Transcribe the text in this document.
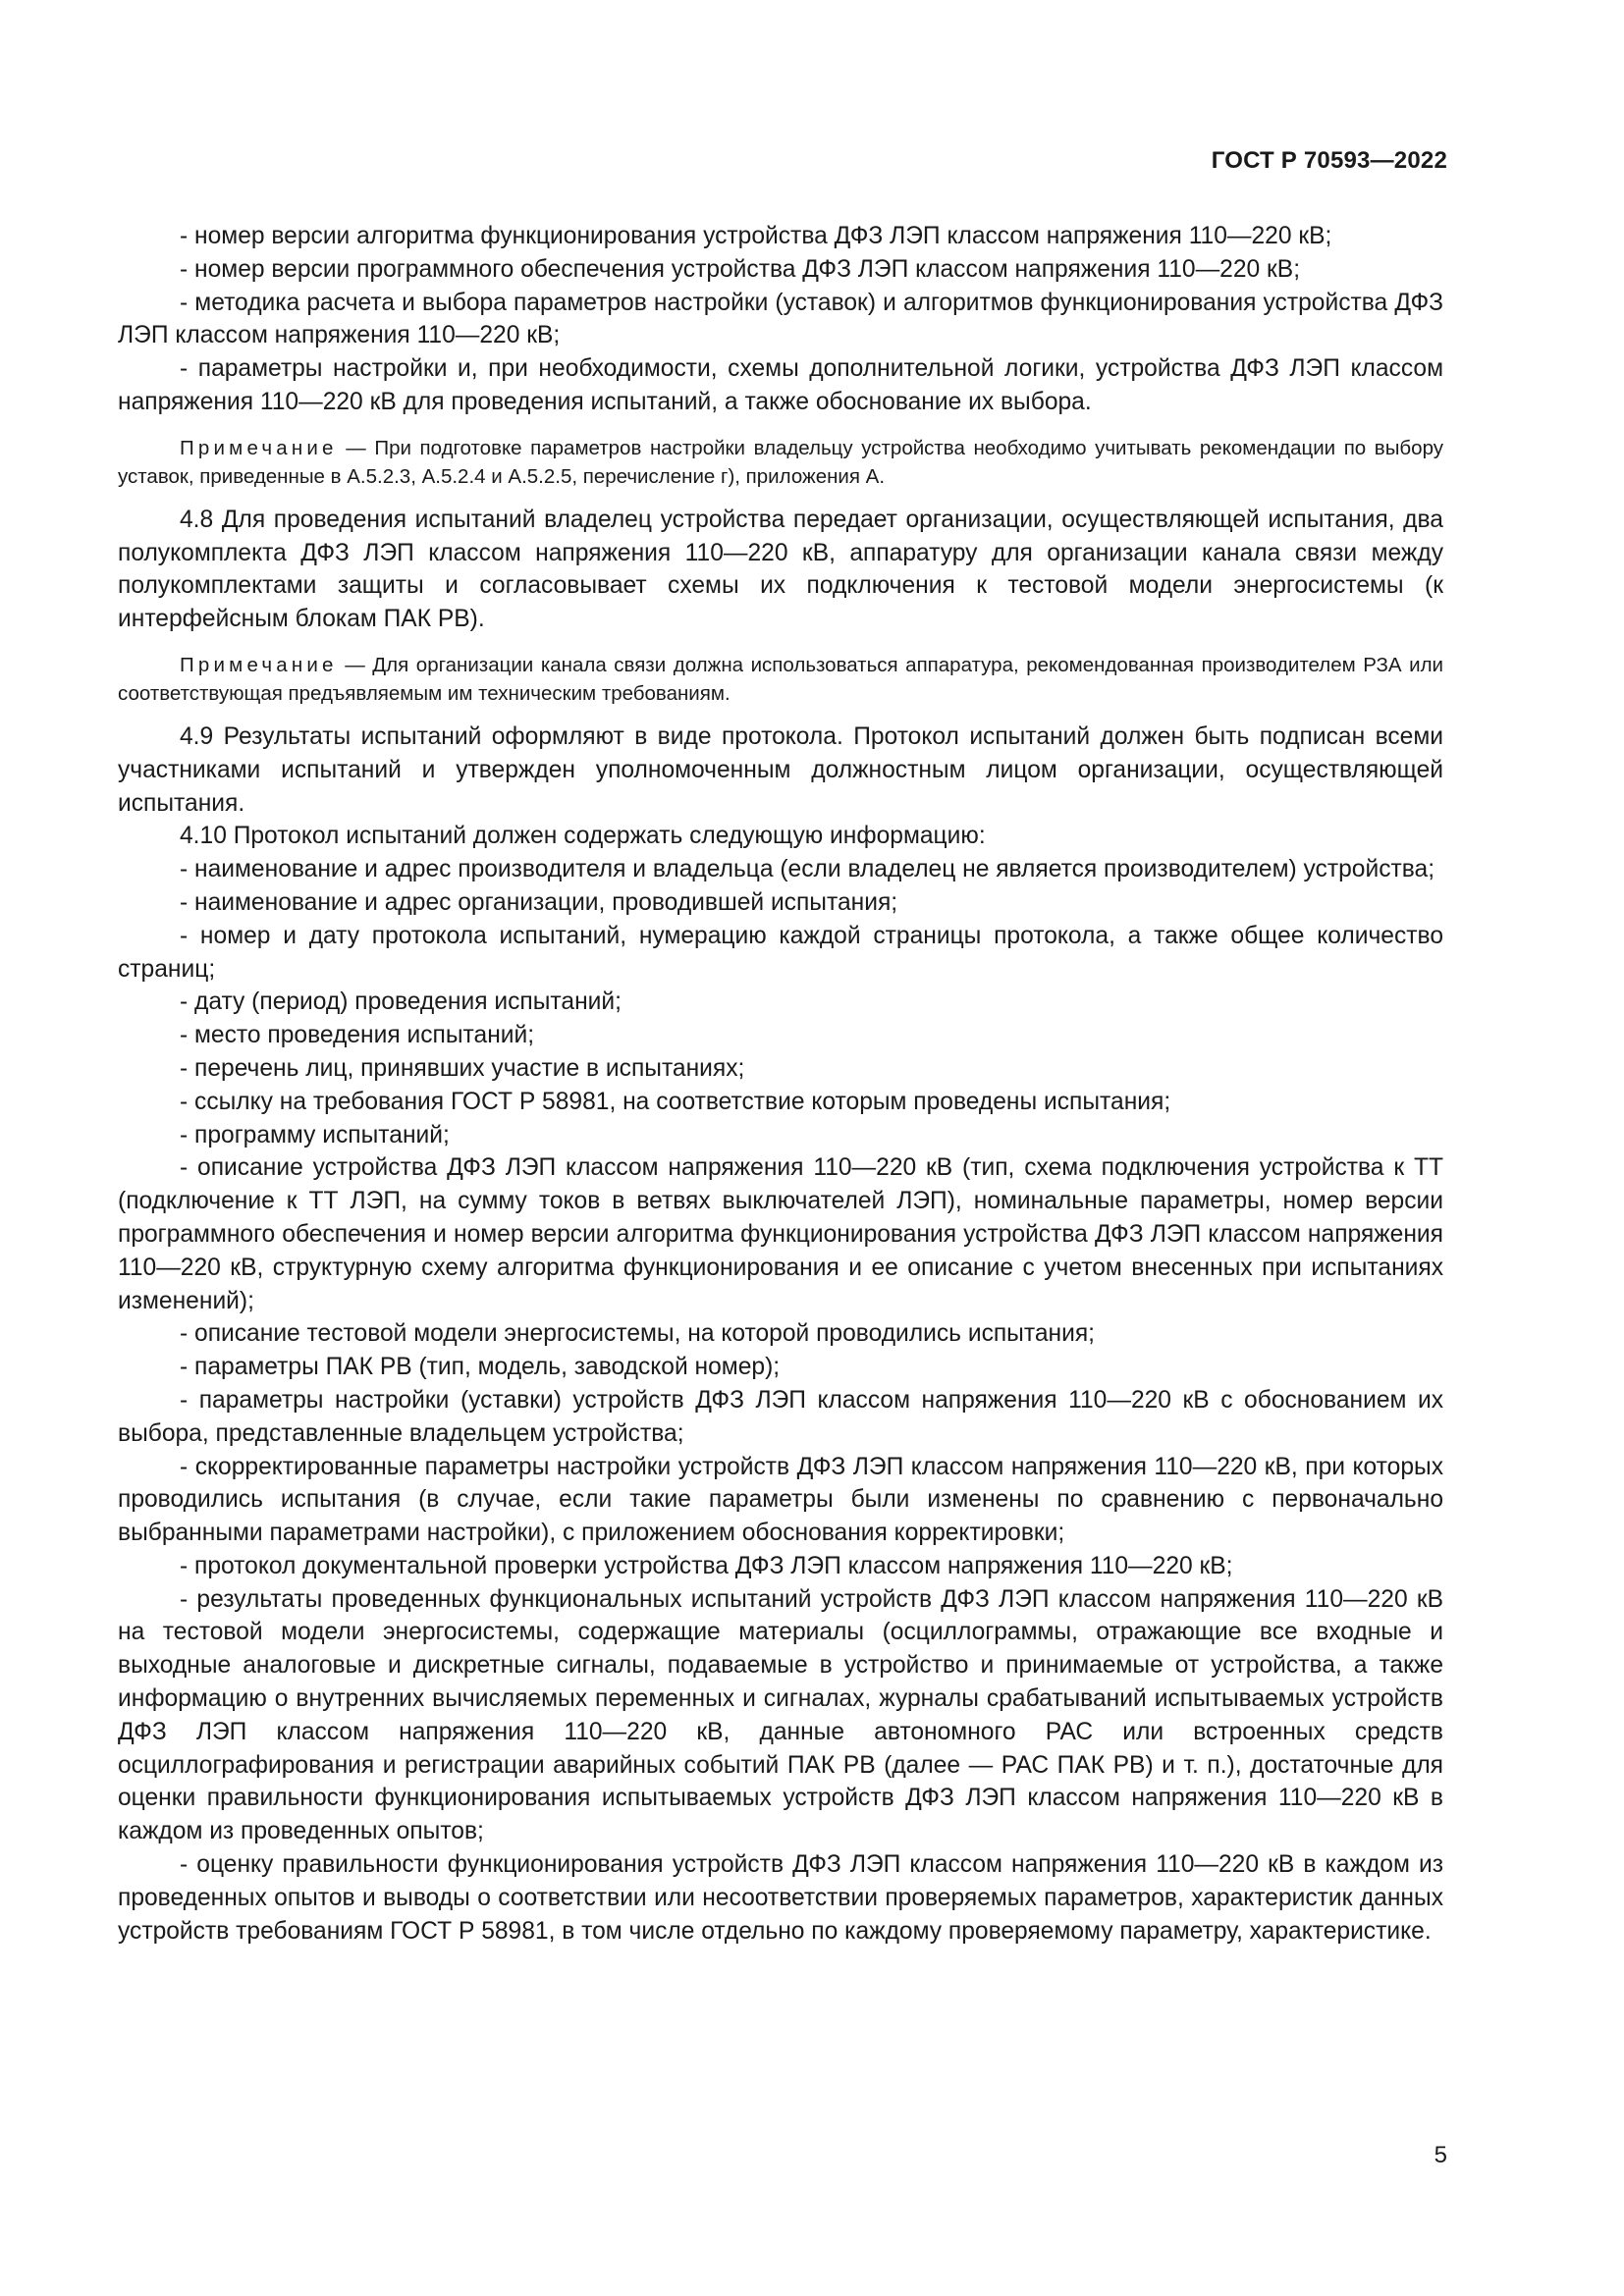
ГОСТ Р 70593—2022

- номер версии алгоритма функционирования устройства ДФЗ ЛЭП классом напряжения 110—220 кВ;

- номер версии программного обеспечения устройства ДФЗ ЛЭП классом напряжения 110—220 кВ;

- методика расчета и выбора параметров настройки (уставок) и алгоритмов функционирования устройства ДФЗ ЛЭП классом напряжения 110—220 кВ;

- параметры настройки и, при необходимости, схемы дополнительной логики, устройства ДФЗ ЛЭП классом напряжения 110—220 кВ для проведения испытаний, а также обоснование их выбора.

Примечание — При подготовке параметров настройки владельцу устройства необходимо учитывать рекомендации по выбору уставок, приведенные в А.5.2.3, А.5.2.4 и А.5.2.5, перечисление г), приложения А.

4.8 Для проведения испытаний владелец устройства передает организации, осуществляющей испытания, два полукомплекта ДФЗ ЛЭП классом напряжения 110—220 кВ, аппаратуру для организации канала связи между полукомплектами защиты и согласовывает схемы их подключения к тестовой модели энергосистемы (к интерфейсным блокам ПАК РВ).

Примечание — Для организации канала связи должна использоваться аппаратура, рекомендованная производителем РЗА или соответствующая предъявляемым им техническим требованиям.

4.9 Результаты испытаний оформляют в виде протокола. Протокол испытаний должен быть подписан всеми участниками испытаний и утвержден уполномоченным должностным лицом организации, осуществляющей испытания.

4.10 Протокол испытаний должен содержать следующую информацию:

- наименование и адрес производителя и владельца (если владелец не является производителем) устройства;

- наименование и адрес организации, проводившей испытания;

- номер и дату протокола испытаний, нумерацию каждой страницы протокола, а также общее количество страниц;

- дату (период) проведения испытаний;

- место проведения испытаний;

- перечень лиц, принявших участие в испытаниях;

- ссылку на требования ГОСТ Р 58981, на соответствие которым проведены испытания;

- программу испытаний;

- описание устройства ДФЗ ЛЭП классом напряжения 110—220 кВ (тип, схема подключения устройства к ТТ (подключение к ТТ ЛЭП, на сумму токов в ветвях выключателей ЛЭП), номинальные параметры, номер версии программного обеспечения и номер версии алгоритма функционирования устройства ДФЗ ЛЭП классом напряжения 110—220 кВ, структурную схему алгоритма функционирования и ее описание с учетом внесенных при испытаниях изменений);

- описание тестовой модели энергосистемы, на которой проводились испытания;

- параметры ПАК РВ (тип, модель, заводской номер);

- параметры настройки (уставки) устройств ДФЗ ЛЭП классом напряжения 110—220 кВ с обоснованием их выбора, представленные владельцем устройства;

- скорректированные параметры настройки устройств ДФЗ ЛЭП классом напряжения 110—220 кВ, при которых проводились испытания (в случае, если такие параметры были изменены по сравнению с первоначально выбранными параметрами настройки), с приложением обоснования корректировки;

- протокол документальной проверки устройства ДФЗ ЛЭП классом напряжения 110—220 кВ;

- результаты проведенных функциональных испытаний устройств ДФЗ ЛЭП классом напряжения 110—220 кВ на тестовой модели энергосистемы, содержащие материалы (осциллограммы, отражающие все входные и выходные аналоговые и дискретные сигналы, подаваемые в устройство и принимаемые от устройства, а также информацию о внутренних вычисляемых переменных и сигналах, журналы срабатываний испытываемых устройств ДФЗ ЛЭП классом напряжения 110—220 кВ, данные автономного РАС или встроенных средств осциллографирования и регистрации аварийных событий ПАК РВ (далее — РАС ПАК РВ) и т. п.), достаточные для оценки правильности функционирования испытываемых устройств ДФЗ ЛЭП классом напряжения 110—220 кВ в каждом из проведенных опытов;

- оценку правильности функционирования устройств ДФЗ ЛЭП классом напряжения 110—220 кВ в каждом из проведенных опытов и выводы о соответствии или несоответствии проверяемых параметров, характеристик данных устройств требованиям ГОСТ Р 58981, в том числе отдельно по каждому проверяемому параметру, характеристике.

5
